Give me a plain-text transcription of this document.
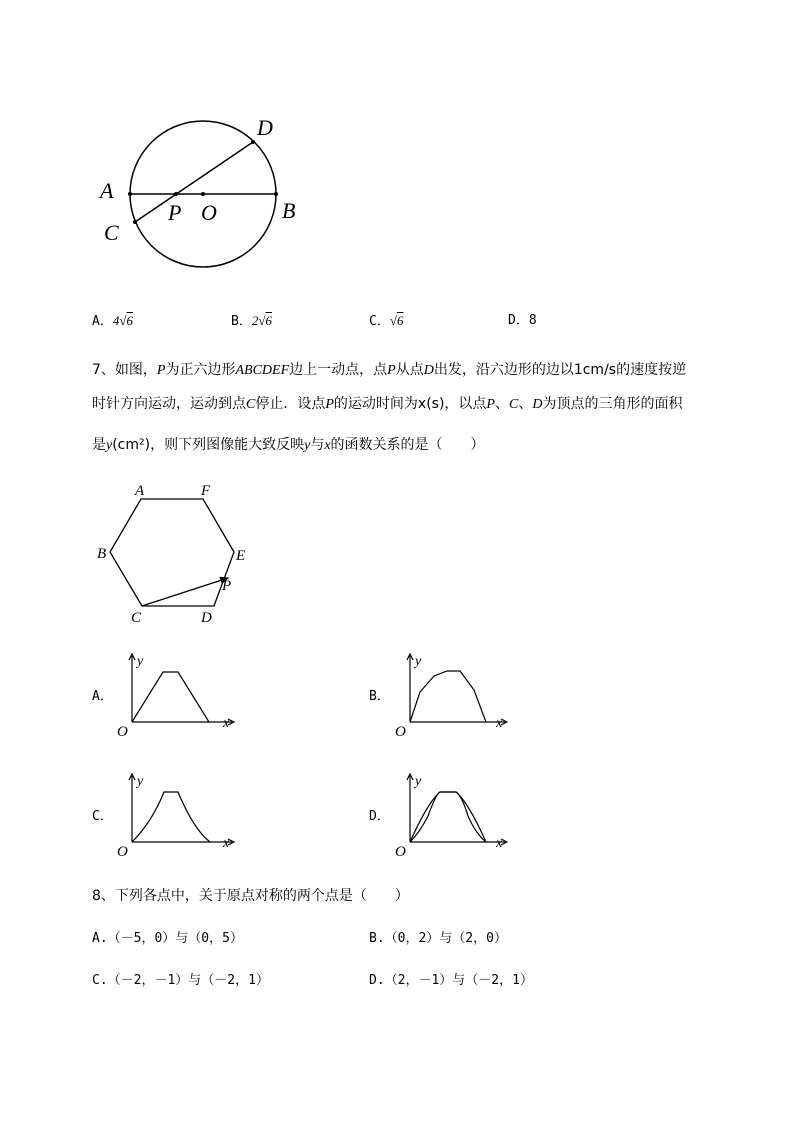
D
A
C
P O	B
A．4√6	B．2√6	C．√6	D．8
7、如图，P为正六边形ABCDEF边上一动点，点P从点D出发，沿六边形的边以1cm/s的速度按逆
时针方向运动，运动到点C停止．设点P的运动时间为x(s)，以点P、C、D为顶点的三角形的面积
是y(cm²)，则下列图像能大致反映y与x的函数关系的是（　　）
A	F
B	E
P
C	D
A．
y
x
O
B．
y
x
O
C．
y
x
O
D．
y
x
O
8、下列各点中，关于原点对称的两个点是（　　）
A.（－5，0）与（0，5）	B.（0，2）与（2，0）
C.（－2，－1）与（－2，1）	D.（2，－1）与（－2，1）
